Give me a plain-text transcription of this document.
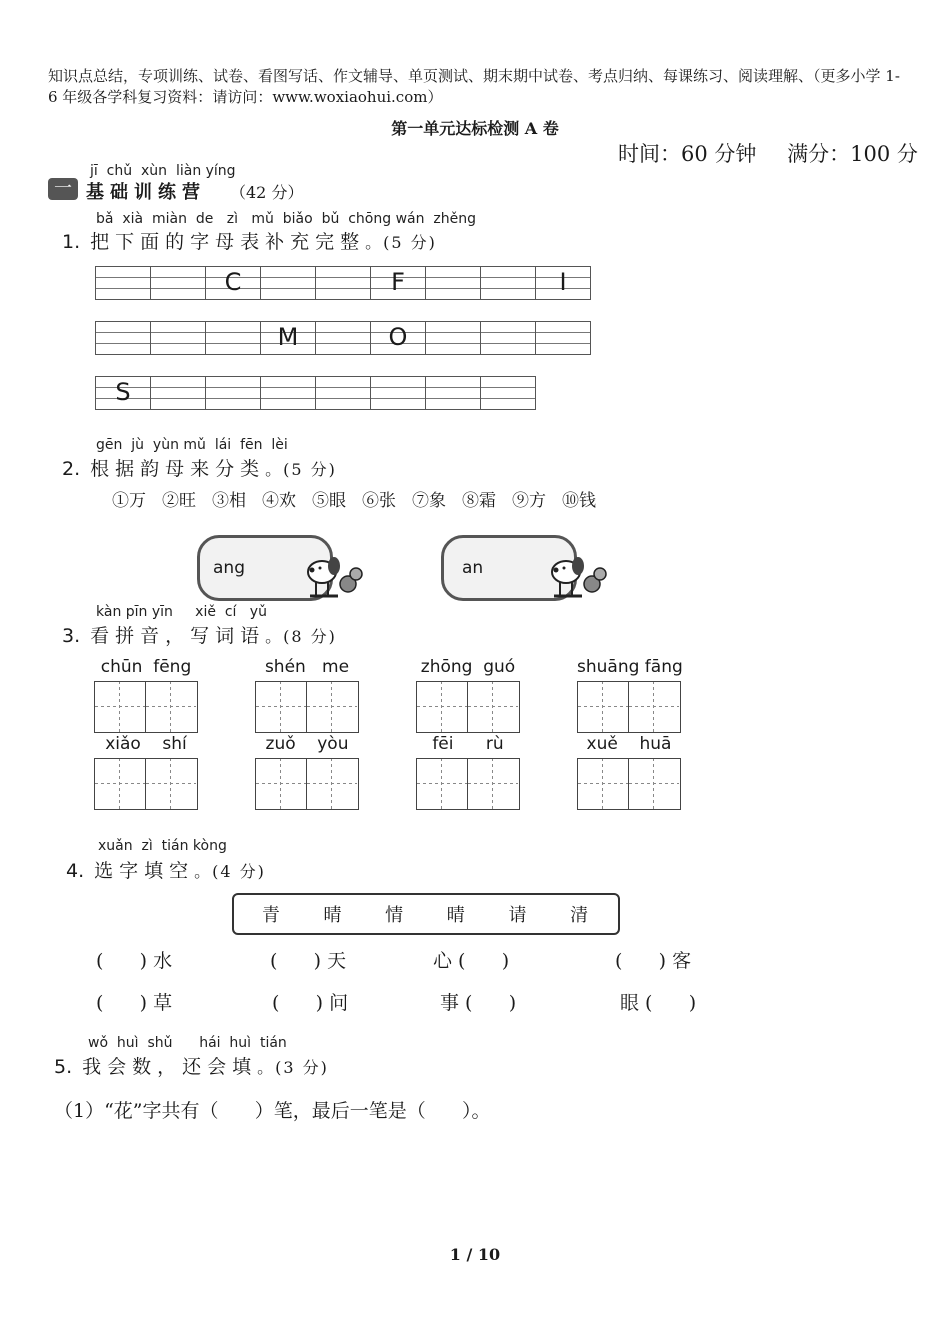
知识点总结，专项训练、试卷、看图写话、作文辅导、单页测试、期末期中试卷、考点归纳、每课练习、阅读理解、（更多小学 1-6 年级各学科复习资料：请访问：www.woxiaohui.com）
第一单元达标检测 A 卷
时间：60 分钟 满分：100 分
jī  chǔ  xùn  liàn yíng
一 基础训练营 （42 分）
bǎ  xià  miàn  de   zì   mǔ  biǎo  bǔ  chōng wán  zhěng
1. 把下面的字母表补充完整。(5 分)
C	F	I
M	O
S
gēn  jù  yùn mǔ  lái  fēn  lèi
2. 根据韵母来分类。(5 分)
①万 ②旺 ③相 ④欢 ⑤眼 ⑥张 ⑦象 ⑧霜 ⑨方 ⑩钱
ang	an
kàn pīn yīn     xiě  cí   yǔ
3. 看拼音，写词语。(8 分)
chūn  fēng	shén   me	zhōng  guó	shuāng fāng
xiǎo    shí	zuǒ    yòu	fēi      rù	xuě    huā
xuǎn  zì  tián kòng
4. 选字填空。(4 分)
青 晴 情 晴 请 清
(      ) 水	(      ) 天	心 (      )	(      ) 客
(      ) 草	(      ) 问	事 (      )	眼 (      )
wǒ  huì  shǔ      hái  huì  tián
5. 我会数，还会填。(3 分)
（1）“花”字共有（      ）笔，最后一笔是（      ）。
1 / 10
